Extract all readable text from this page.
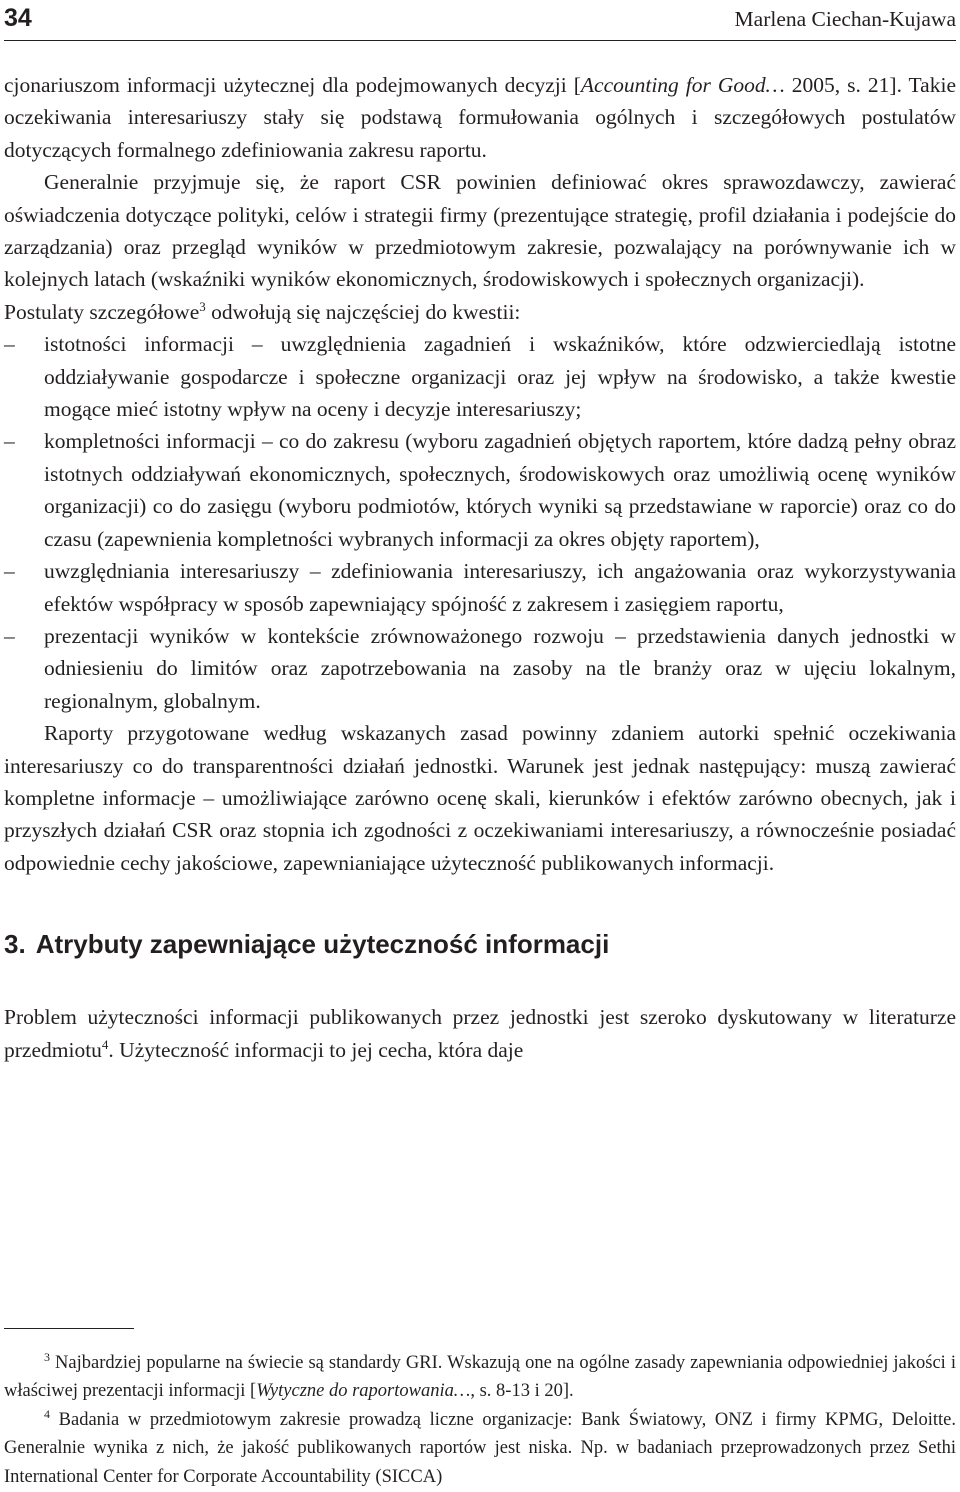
34	Marlena Ciechan-Kujawa

cjonariuszom informacji użytecznej dla podejmowanych decyzji [Accounting for Good… 2005, s. 21]. Takie oczekiwania interesariuszy stały się podstawą formułowania ogólnych i szczegółowych postulatów dotyczących formalnego zdefiniowania zakresu raportu.

Generalnie przyjmuje się, że raport CSR powinien definiować okres sprawozdawczy, zawierać oświadczenia dotyczące polityki, celów i strategii firmy (prezentujące strategię, profil działania i podejście do zarządzania) oraz przegląd wyników w przedmiotowym zakresie, pozwalający na porównywanie ich w kolejnych latach (wskaźniki wyników ekonomicznych, środowiskowych i społecznych organizacji).

Postulaty szczegółowe$^3$ odwołują się najczęściej do kwestii:

– istotności informacji – uwzględnienia zagadnień i wskaźników, które odzwierciedlają istotne oddziaływanie gospodarcze i społeczne organizacji oraz jej wpływ na środowisko, a także kwestie mogące mieć istotny wpływ na oceny i decyzje interesariuszy;
– kompletności informacji – co do zakresu (wyboru zagadnień objętych raportem, które dadzą pełny obraz istotnych oddziaływań ekonomicznych, społecznych, środowiskowych oraz umożliwią ocenę wyników organizacji) co do zasięgu (wyboru podmiotów, których wyniki są przedstawiane w raporcie) oraz co do czasu (zapewnienia kompletności wybranych informacji za okres objęty raportem),
– uwzględniania interesariuszy – zdefiniowania interesariuszy, ich angażowania oraz wykorzystywania efektów współpracy w sposób zapewniający spójność z zakresem i zasięgiem raportu,
– prezentacji wyników w kontekście zrównoważonego rozwoju – przedstawienia danych jednostki w odniesieniu do limitów oraz zapotrzebowania na zasoby na tle branży oraz w ujęciu lokalnym, regionalnym, globalnym.

Raporty przygotowane według wskazanych zasad powinny zdaniem autorki spełnić oczekiwania interesariuszy co do transparentności działań jednostki. Warunek jest jednak następujący: muszą zawierać kompletne informacje – umożliwiające zarówno ocenę skali, kierunków i efektów zarówno obecnych, jak i przyszłych działań CSR oraz stopnia ich zgodności z oczekiwaniami interesariuszy, a równocześnie posiadać odpowiednie cechy jakościowe, zapewnianiające użyteczność publikowanych informacji.

3. Atrybuty zapewniające użyteczność informacji

Problem użyteczności informacji publikowanych przez jednostki jest szeroko dyskutowany w literaturze przedmiotu$^4$. Użyteczność informacji to jej cecha, która daje

$^3$ Najbardziej popularne na świecie są standardy GRI. Wskazują one na ogólne zasady zapewniania odpowiedniej jakości i właściwej prezentacji informacji [Wytyczne do raportowania…, s. 8-13 i 20].

$^4$ Badania w przedmiotowym zakresie prowadzą liczne organizacje: Bank Światowy, ONZ i firmy KPMG, Deloitte. Generalnie wynika z nich, że jakość publikowanych raportów jest niska. Np. w badaniach przeprowadzonych przez Sethi International Center for Corporate Accountability (SICCA)
